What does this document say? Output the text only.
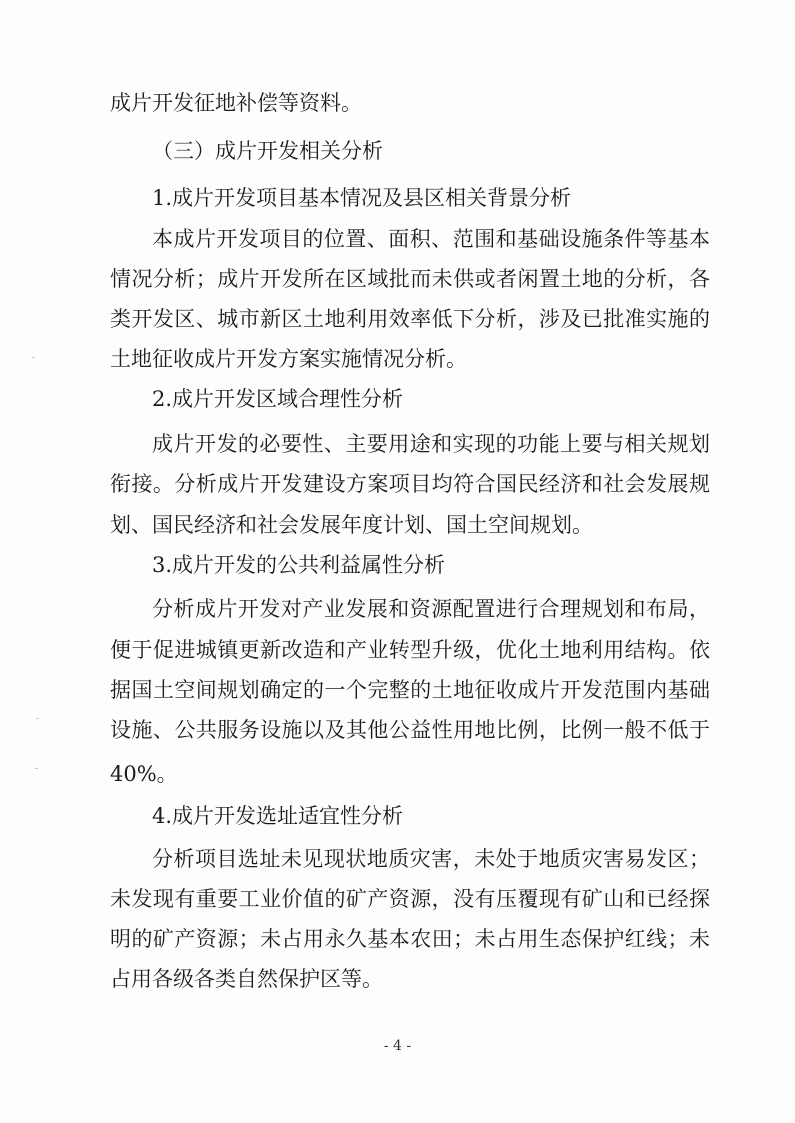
成片开发征地补偿等资料。
（三）成片开发相关分析
1.成片开发项目基本情况及县区相关背景分析
本成片开发项目的位置、面积、范围和基础设施条件等基本
情况分析；成片开发所在区域批而未供或者闲置土地的分析，各
类开发区、城市新区土地利用效率低下分析，涉及已批准实施的
土地征收成片开发方案实施情况分析。
2.成片开发区域合理性分析
成片开发的必要性、主要用途和实现的功能上要与相关规划
衔接。分析成片开发建设方案项目均符合国民经济和社会发展规
划、国民经济和社会发展年度计划、国土空间规划。
3.成片开发的公共利益属性分析
分析成片开发对产业发展和资源配置进行合理规划和布局，
便于促进城镇更新改造和产业转型升级，优化土地利用结构。依
据国土空间规划确定的一个完整的土地征收成片开发范围内基础
设施、公共服务设施以及其他公益性用地比例，比例一般不低于
40%。
4.成片开发选址适宜性分析
分析项目选址未见现状地质灾害，未处于地质灾害易发区；
未发现有重要工业价值的矿产资源，没有压覆现有矿山和已经探
明的矿产资源；未占用永久基本农田；未占用生态保护红线；未
占用各级各类自然保护区等。
- 4 -
